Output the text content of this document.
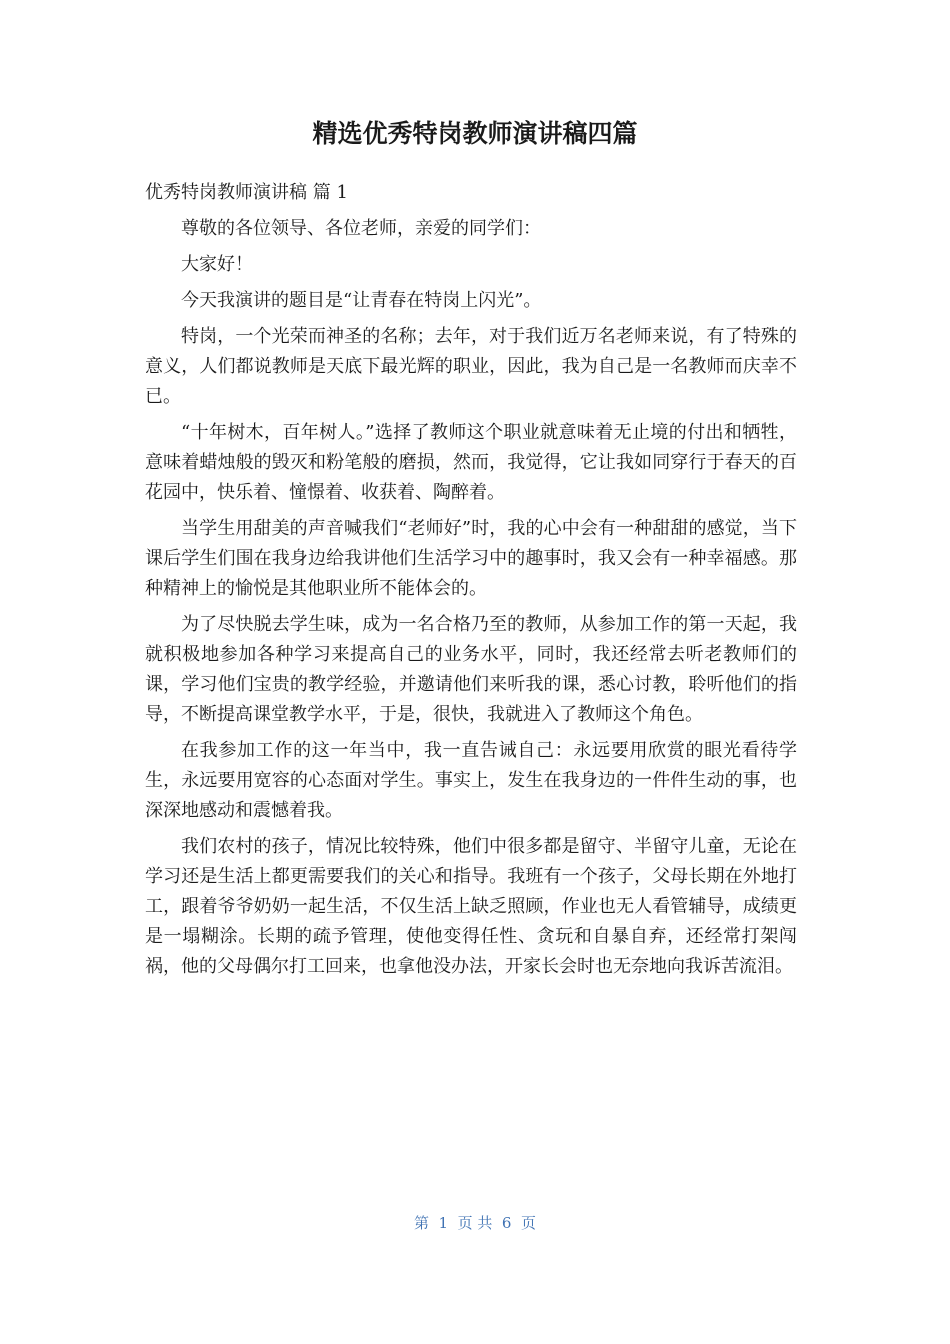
精选优秀特岗教师演讲稿四篇

优秀特岗教师演讲稿 篇 1

尊敬的各位领导、各位老师，亲爱的同学们：

大家好！

今天我演讲的题目是“让青春在特岗上闪光”。

特岗，一个光荣而神圣的名称；去年，对于我们近万名老师来说，有了特殊的意义，人们都说教师是天底下最光辉的职业，因此，我为自己是一名教师而庆幸不已。

“十年树木，百年树人。”选择了教师这个职业就意味着无止境的付出和牺牲，意味着蜡烛般的毁灭和粉笔般的磨损，然而，我觉得，它让我如同穿行于春天的百花园中，快乐着、憧憬着、收获着、陶醉着。

当学生用甜美的声音喊我们“老师好”时，我的心中会有一种甜甜的感觉，当下课后学生们围在我身边给我讲他们生活学习中的趣事时，我又会有一种幸福感。那种精神上的愉悦是其他职业所不能体会的。

为了尽快脱去学生味，成为一名合格乃至的教师，从参加工作的第一天起，我就积极地参加各种学习来提高自己的业务水平，同时，我还经常去听老教师们的课，学习他们宝贵的教学经验，并邀请他们来听我的课，悉心讨教，聆听他们的指导，不断提高课堂教学水平，于是，很快，我就进入了教师这个角色。

在我参加工作的这一年当中，我一直告诫自己：永远要用欣赏的眼光看待学生，永远要用宽容的心态面对学生。事实上，发生在我身边的一件件生动的事，也深深地感动和震憾着我。

我们农村的孩子，情况比较特殊，他们中很多都是留守、半留守儿童，无论在学习还是生活上都更需要我们的关心和指导。我班有一个孩子，父母长期在外地打工，跟着爷爷奶奶一起生活，不仅生活上缺乏照顾，作业也无人看管辅导，成绩更是一塌糊涂。长期的疏予管理，使他变得任性、贪玩和自暴自弃，还经常打架闯祸，他的父母偶尔打工回来，也拿他没办法，开家长会时也无奈地向我诉苦流泪。

第  1  页 共  6  页
